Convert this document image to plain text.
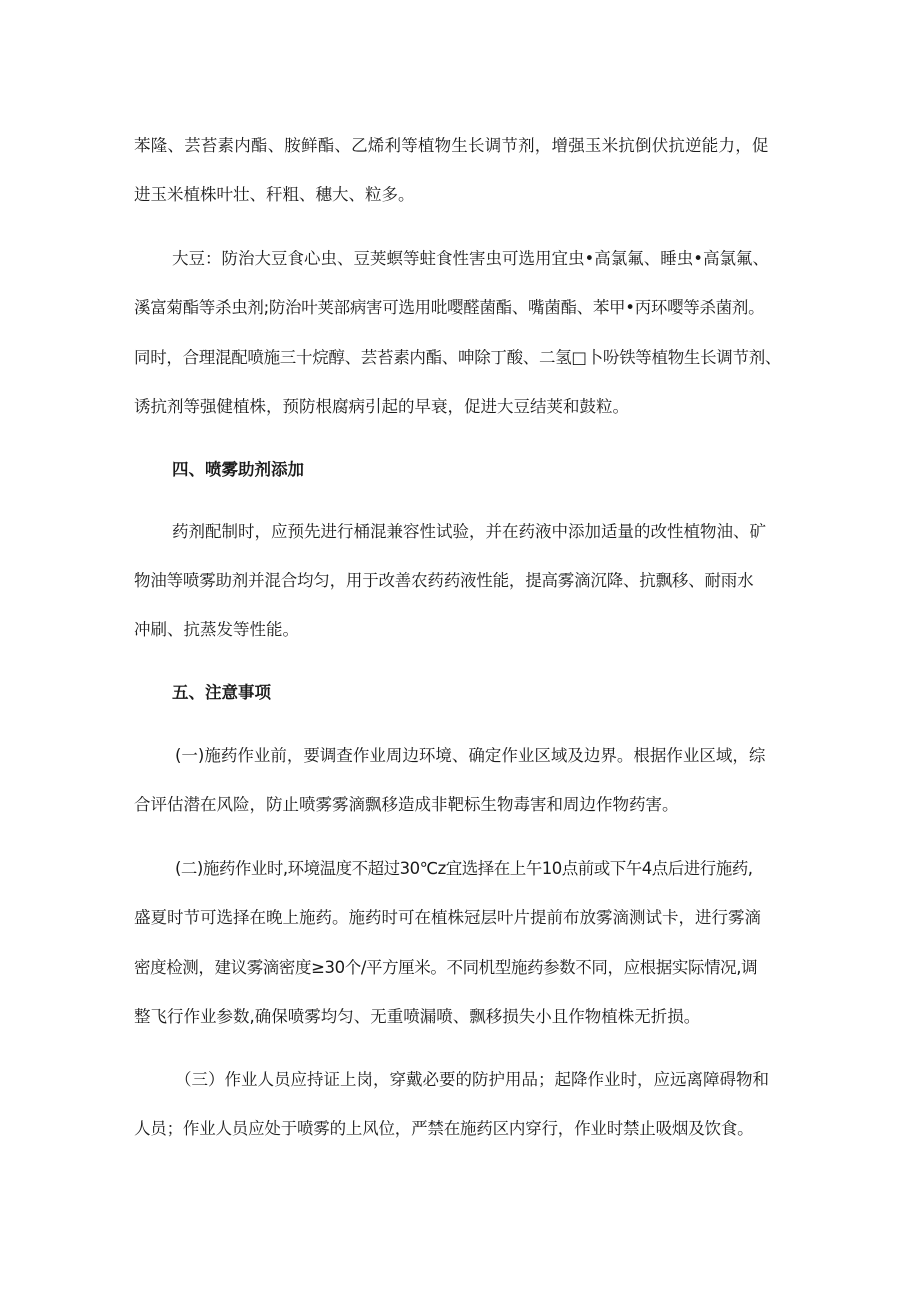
苯隆、芸苔素内酯、胺鲜酯、乙烯利等植物生长调节剂，增强玉米抗倒伏抗逆能力，促

进玉米植株叶壮、秆粗、穗大、粒多。

大豆：防治大豆食心虫、豆荚螟等蛀食性害虫可选用宜虫•高氯氟、睡虫•高氯氟、

溪富菊酯等杀虫剂;防治叶荚部病害可选用吡嘤醛菌酯、嘴菌酯、苯甲•丙环嘤等杀菌剂。

同时，合理混配喷施三十烷醇、芸苔素内酯、呻除丁酸、二氢□卜吩铁等植物生长调节剂、

诱抗剂等强健植株，预防根腐病引起的早衰，促进大豆结荚和鼓粒。

四、喷雾助剂添加

药剂配制时，应预先进行桶混兼容性试验，并在药液中添加适量的改性植物油、矿

物油等喷雾助剂并混合均匀，用于改善农药药液性能，提高雾滴沉降、抗飘移、耐雨水

冲刷、抗蒸发等性能。

五、注意事项

(一)施药作业前，要调查作业周边环境、确定作业区域及边界。根据作业区域，综

合评估潜在风险，防止喷雾雾滴飘移造成非靶标生物毒害和周边作物药害。

(二)施药作业时,环境温度不超过30℃z宜选择在上午10点前或下午4点后进行施药,

盛夏时节可选择在晚上施药。施药时可在植株冠层叶片提前布放雾滴测试卡，进行雾滴

密度检测，建议雾滴密度≥30个/平方厘米。不同机型施药参数不同，应根据实际情况,调

整飞行作业参数,确保喷雾均匀、无重喷漏喷、飘移损失小且作物植株无折损。

（三）作业人员应持证上岗，穿戴必要的防护用品；起降作业时，应远离障碍物和

人员；作业人员应处于喷雾的上风位，严禁在施药区内穿行，作业时禁止吸烟及饮食。
